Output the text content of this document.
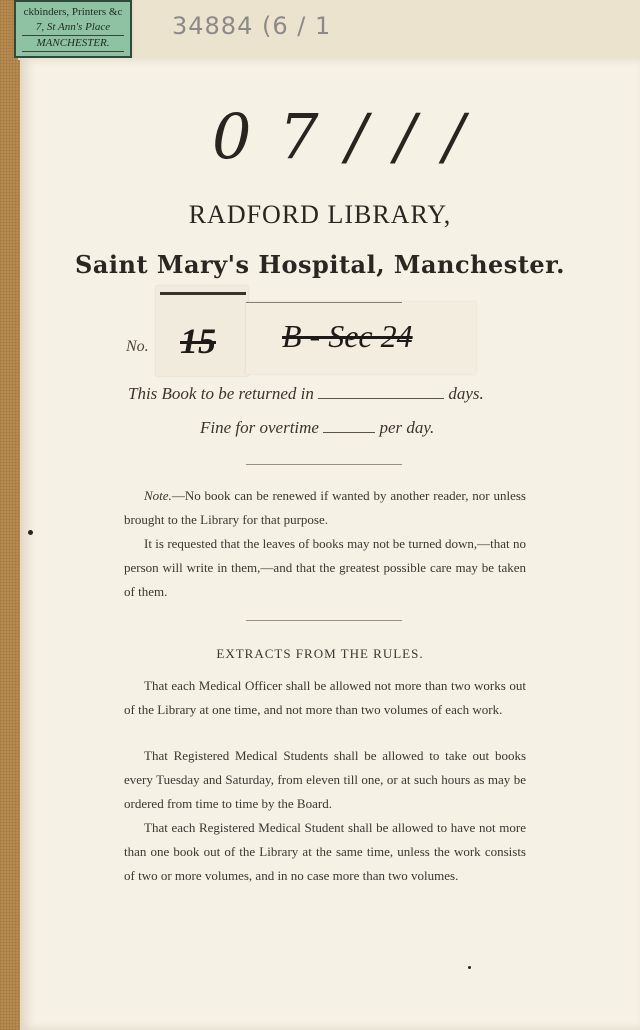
ckbinders, Printers &c
7, St Ann's Place
MANCHESTER.
34884 (6 / 1
0 7 / / /
RADFORD LIBRARY,
Saint Mary's Hospital, Manchester.
No. 15 B - Sec 24
This Book to be returned in	days.
Fine for overtime	per day.

Note.—No book can be renewed if wanted by another reader, nor unless brought to the Library for that purpose.

It is requested that the leaves of books may not be turned down,—that no person will write in them,—and that the greatest possible care may be taken of them.

EXTRACTS FROM THE RULES.

That each Medical Officer shall be allowed not more than two works out of the Library at one time, and not more than two volumes of each work.

That Registered Medical Students shall be allowed to take out books every Tuesday and Saturday, from eleven till one, or at such hours as may be ordered from time to time by the Board.

That each Registered Medical Student shall be allowed to have not more than one book out of the Library at the same time, unless the work consists of two or more volumes, and in no case more than two volumes.
